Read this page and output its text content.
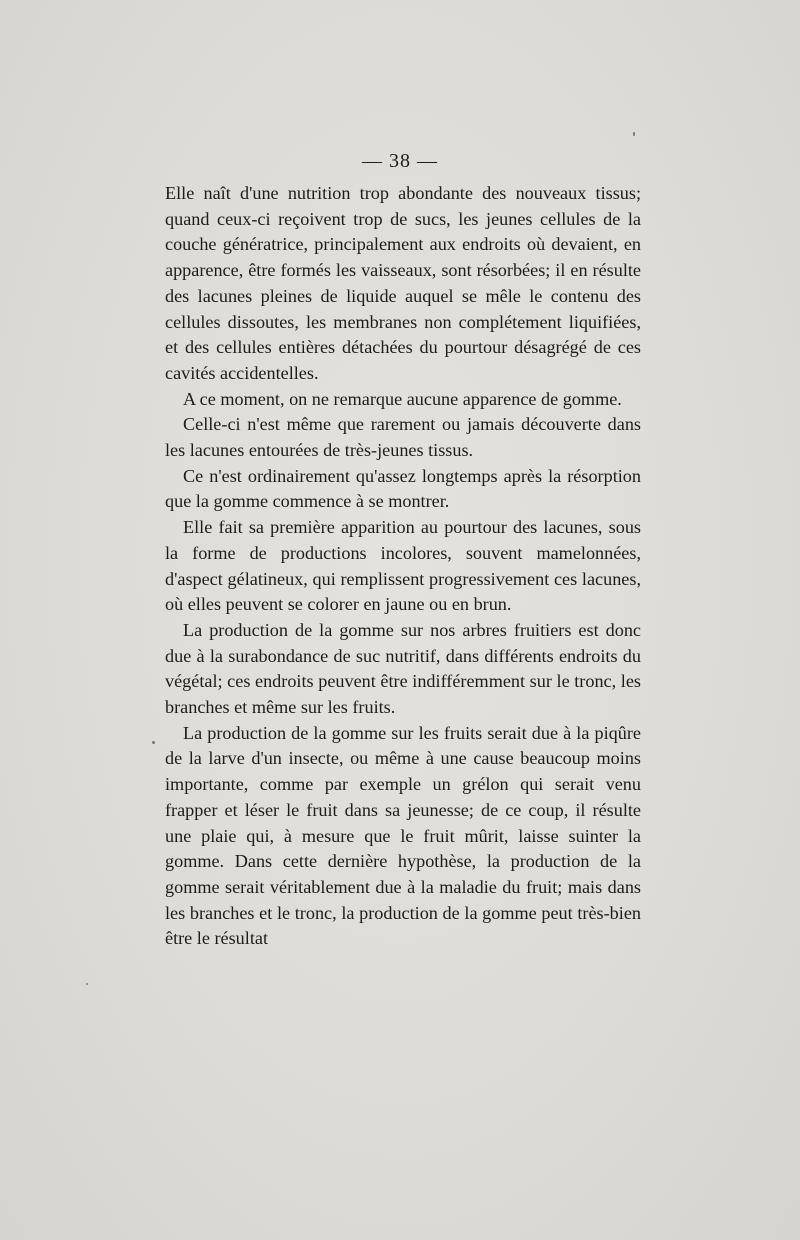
— 38 —

Elle naît d'une nutrition trop abondante des nouveaux tissus; quand ceux-ci reçoivent trop de sucs, les jeunes cellules de la couche génératrice, principalement aux endroits où devaient, en apparence, être formés les vaisseaux, sont résorbées; il en résulte des lacunes pleines de liquide auquel se mêle le contenu des cellules dissoutes, les membranes non complétement liquifiées, et des cellules entières détachées du pourtour désagrégé de ces cavités accidentelles.

A ce moment, on ne remarque aucune apparence de gomme.

Celle-ci n'est même que rarement ou jamais découverte dans les lacunes entourées de très-jeunes tissus.

Ce n'est ordinairement qu'assez longtemps après la résorption que la gomme commence à se montrer.

Elle fait sa première apparition au pourtour des lacunes, sous la forme de productions incolores, souvent mamelonnées, d'aspect gélatineux, qui remplissent progressivement ces lacunes, où elles peuvent se colorer en jaune ou en brun.

La production de la gomme sur nos arbres fruitiers est donc due à la surabondance de suc nutritif, dans différents endroits du végétal; ces endroits peuvent être indifféremment sur le tronc, les branches et même sur les fruits.

La production de la gomme sur les fruits serait due à la piqûre de la larve d'un insecte, ou même à une cause beaucoup moins importante, comme par exemple un grélon qui serait venu frapper et léser le fruit dans sa jeunesse; de ce coup, il résulte une plaie qui, à mesure que le fruit mûrit, laisse suinter la gomme. Dans cette dernière hypothèse, la production de la gomme serait véritablement due à la maladie du fruit; mais dans les branches et le tronc, la production de la gomme peut très-bien être le résultat
